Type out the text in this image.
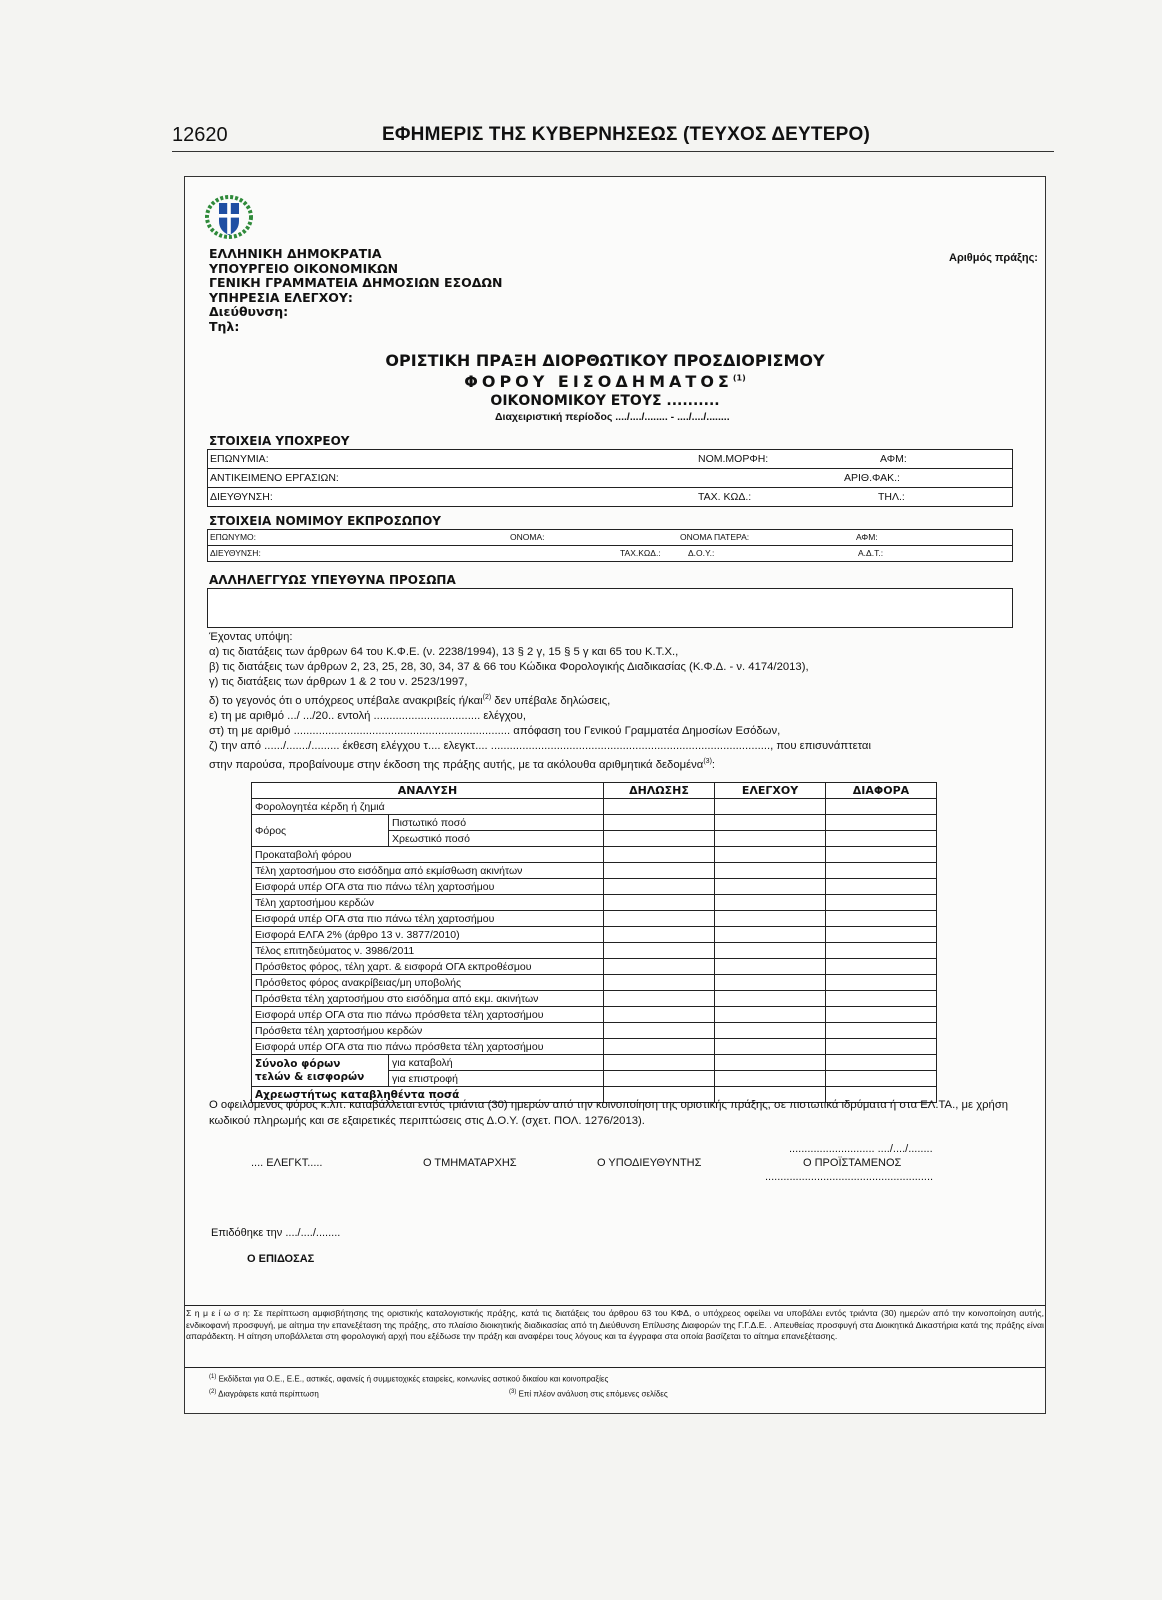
12620	ΕΦΗΜΕΡΙΣ ΤΗΣ ΚΥΒΕΡΝΗΣΕΩΣ (ΤΕΥΧΟΣ ΔΕΥΤΕΡΟ)
ΕΛΛΗΝΙΚΗ ΔΗΜΟΚΡΑΤΙΑ
ΥΠΟΥΡΓΕΙΟ ΟΙΚΟΝΟΜΙΚΩΝ
ΓΕΝΙΚΗ ΓΡΑΜΜΑΤΕΙΑ ΔΗΜΟΣΙΩΝ ΕΣΟΔΩΝ
ΥΠΗΡΕΣΙΑ ΕΛΕΓΧΟΥ:
Διεύθυνση:
Τηλ:
Αριθμός πράξης:
ΟΡΙΣΤΙΚΗ ΠΡΑΞΗ ΔΙΟΡΘΩΤΙΚΟΥ ΠΡΟΣΔΙΟΡΙΣΜΟΥ
ΦΟΡΟΥ ΕΙΣΟΔΗΜΑΤΟΣ$^{(1)}$
ΟΙΚΟΝΟΜΙΚΟΥ ΕΤΟΥΣ ..........
Διαχειριστική περίοδος ..../..../........ - ..../..../........
ΣΤΟΙΧΕΙΑ ΥΠΟΧΡΕΟΥ
ΕΠΩΝΥΜΙΑ:	ΝΟΜ.ΜΟΡΦΗ:	ΑΦΜ:
ΑΝΤΙΚΕΙΜΕΝΟ ΕΡΓΑΣΙΩΝ:	ΑΡΙΘ.ΦΑΚ.:
ΔΙΕΥΘΥΝΣΗ:	ΤΑΧ. ΚΩΔ.:	ΤΗΛ.:
ΣΤΟΙΧΕΙΑ ΝΟΜΙΜΟΥ ΕΚΠΡΟΣΩΠΟΥ
ΕΠΩΝΥΜΟ:	ΟΝΟΜΑ:	ΟΝΟΜΑ ΠΑΤΕΡΑ:	ΑΦΜ:
ΔΙΕΥΘΥΝΣΗ:	ΤΑΧ.ΚΩΔ.:	Δ.Ο.Υ.:	Α.Δ.Τ.:
ΑΛΛΗΛΕΓΓΥΩΣ ΥΠΕΥΘΥΝΑ ΠΡΟΣΩΠΑ
Έχοντας υπόψη:
α) τις διατάξεις των άρθρων 64 του Κ.Φ.Ε. (ν. 2238/1994), 13 § 2 γ, 15 § 5 γ και 65 του Κ.Τ.Χ.,
β) τις διατάξεις των άρθρων 2, 23, 25, 28, 30, 34, 37 & 66 του Κώδικα Φορολογικής Διαδικασίας (Κ.Φ.Δ. - ν. 4174/2013),
γ) τις διατάξεις των άρθρων 1 & 2 του ν. 2523/1997,
δ) το γεγονός ότι ο υπόχρεος υπέβαλε ανακριβείς ή/και$^{(2)}$ δεν υπέβαλε δηλώσεις,
ε) τη με αριθμό .../ .../20.. εντολή .................................. ελέγχου,
στ) τη με αριθμό ..................................................................... απόφαση του Γενικού Γραμματέα Δημοσίων Εσόδων,
ζ) την από ....../......./......... έκθεση ελέγχου τ.... ελεγκτ.... ........................................................................................., που επισυνάπτεται
στην παρούσα, προβαίνουμε στην έκδοση της πράξης αυτής, με τα ακόλουθα αριθμητικά δεδομένα$^{(3)}$:
ΑΝΑΛΥΣΗ		ΔΗΛΩΣΗΣ	ΕΛΕΓΧΟΥ	ΔΙΑΦΟΡΑ
Φορολογητέα κέρδη ή ζημιά				
Φόρος	Πιστωτικό ποσό			
	Χρεωστικό ποσό			
Προκαταβολή φόρου				
Τέλη χαρτοσήμου στο εισόδημα από εκμίσθωση ακινήτων				
Εισφορά υπέρ ΟΓΑ στα πιο πάνω τέλη χαρτοσήμου				
Τέλη χαρτοσήμου κερδών				
Εισφορά υπέρ ΟΓΑ στα πιο πάνω τέλη χαρτοσήμου				
Εισφορά ΕΛΓΑ 2% (άρθρο 13 ν. 3877/2010)				
Τέλος επιτηδεύματος ν. 3986/2011				
Πρόσθετος φόρος, τέλη χαρτ. & εισφορά ΟΓΑ εκπροθέσμου				
Πρόσθετος φόρος ανακρίβειας/μη υποβολής				
Πρόσθετα τέλη χαρτοσήμου στο εισόδημα από εκμ. ακινήτων				
Εισφορά υπέρ ΟΓΑ στα πιο πάνω πρόσθετα τέλη χαρτοσήμου				
Πρόσθετα τέλη χαρτοσήμου κερδών				
Εισφορά υπέρ ΟΓΑ στα πιο πάνω πρόσθετα τέλη χαρτοσήμου				

Σύνολο φόρων
τελών & εισφορών	για καταβολή			
	για επιστροφή			
Αχρεωστήτως καταβληθέντα ποσά				
Ο οφειλόμενος φόρος κ.λπ. καταβάλλεται εντός τριάντα (30) ημερών από την κοινοποίηση της οριστικής πράξης, σε πιστωτικά ιδρύματα ή στα ΕΛ.ΤΑ., με χρήση κωδικού πληρωμής και σε εξαιρετικές περιπτώσεις στις Δ.Ο.Υ. (σχετ. ΠΟΛ. 1276/2013).
.... ΕΛΕΓΚΤ.....	Ο ΤΜΗΜΑΤΑΡΧΗΣ	Ο ΥΠΟΔΙΕΥΘΥΝΤΗΣ
............................ ..../..../........
Ο ΠΡΟΪΣΤΑΜΕΝΟΣ
.......................................................
Επιδόθηκε την ..../..../........
Ο ΕΠΙΔΟΣΑΣ
Σ η μ ε ί ω σ η: Σε περίπτωση αμφισβήτησης της οριστικής καταλογιστικής πράξης, κατά τις διατάξεις του άρθρου 63 του ΚΦΔ, ο υπόχρεος οφείλει να υποβάλει εντός τριάντα (30) ημερών από την κοινοποίηση αυτής, ενδικοφανή προσφυγή, με αίτημα την επανεξέταση της πράξης, στο πλαίσιο διοικητικής διαδικασίας από τη Διεύθυνση Επίλυσης Διαφορών της Γ.Γ.Δ.Ε. . Απευθείας προσφυγή στα Διοικητικά Δικαστήρια κατά της πράξης είναι απαράδεκτη. Η αίτηση υποβάλλεται στη φορολογική αρχή που εξέδωσε την πράξη και αναφέρει τους λόγους και τα έγγραφα στα οποία βασίζεται το αίτημα επανεξέτασης.
$^{(1)}$ Εκδίδεται για Ο.Ε., Ε.Ε., αστικές, αφανείς ή συμμετοχικές εταιρείες, κοινωνίες αστικού δικαίου και κοινοπραξίες
$^{(2)}$ Διαγράφετε κατά περίπτωση	$^{(3)}$ Επί πλέον ανάλυση στις επόμενες σελίδες
